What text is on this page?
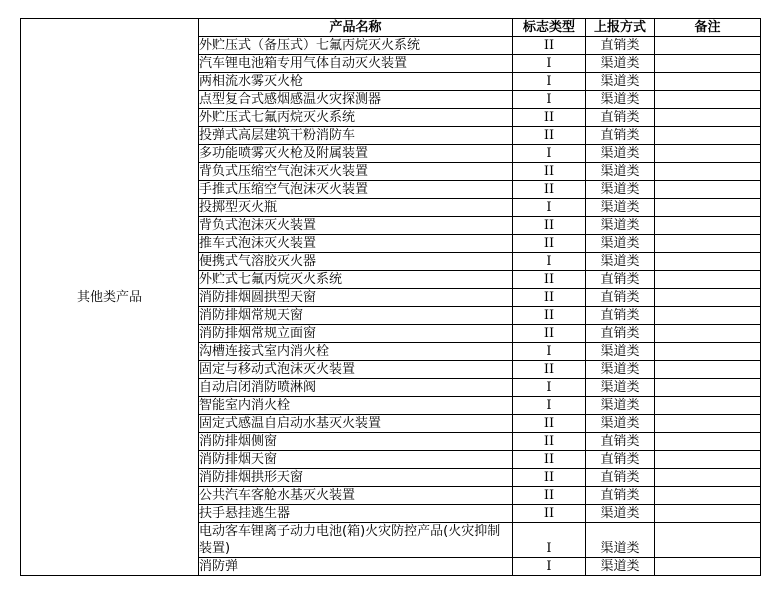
其他类产品	产品名称	标志类型	上报方式	备注
	外贮压式（备压式）七氟丙烷灭火系统	II	直销类	
	汽车锂电池箱专用气体自动灭火装置	I	渠道类	
	两相流水雾灭火枪	I	渠道类	
	点型复合式感烟感温火灾探测器	I	渠道类	
	外贮压式七氟丙烷灭火系统	II	直销类	
	投弹式高层建筑干粉消防车	II	直销类	
	多功能喷雾灭火枪及附属装置	I	渠道类	
	背负式压缩空气泡沫灭火装置	II	渠道类	
	手推式压缩空气泡沫灭火装置	II	渠道类	
	投掷型灭火瓶	I	渠道类	
	背负式泡沫灭火装置	II	渠道类	
	推车式泡沫灭火装置	II	渠道类	
	便携式气溶胶灭火器	I	渠道类	
	外贮式七氟丙烷灭火系统	II	直销类	
	消防排烟圆拱型天窗	II	直销类	
	消防排烟常规天窗	II	直销类	
	消防排烟常规立面窗	II	直销类	
	沟槽连接式室内消火栓	I	渠道类	
	固定与移动式泡沫灭火装置	II	渠道类	
	自动启闭消防喷淋阀	I	渠道类	
	智能室内消火栓	I	渠道类	
	固定式感温自启动水基灭火装置	II	渠道类	
	消防排烟侧窗	II	直销类	
	消防排烟天窗	II	直销类	
	消防排烟拱形天窗	II	直销类	
	公共汽车客舱水基灭火装置	II	直销类	
	扶手悬挂逃生器	II	渠道类	
	电动客车锂离子动力电池(箱)火灾防控产品(火灾抑制装置)	I	渠道类	
	消防弹	I	渠道类	
